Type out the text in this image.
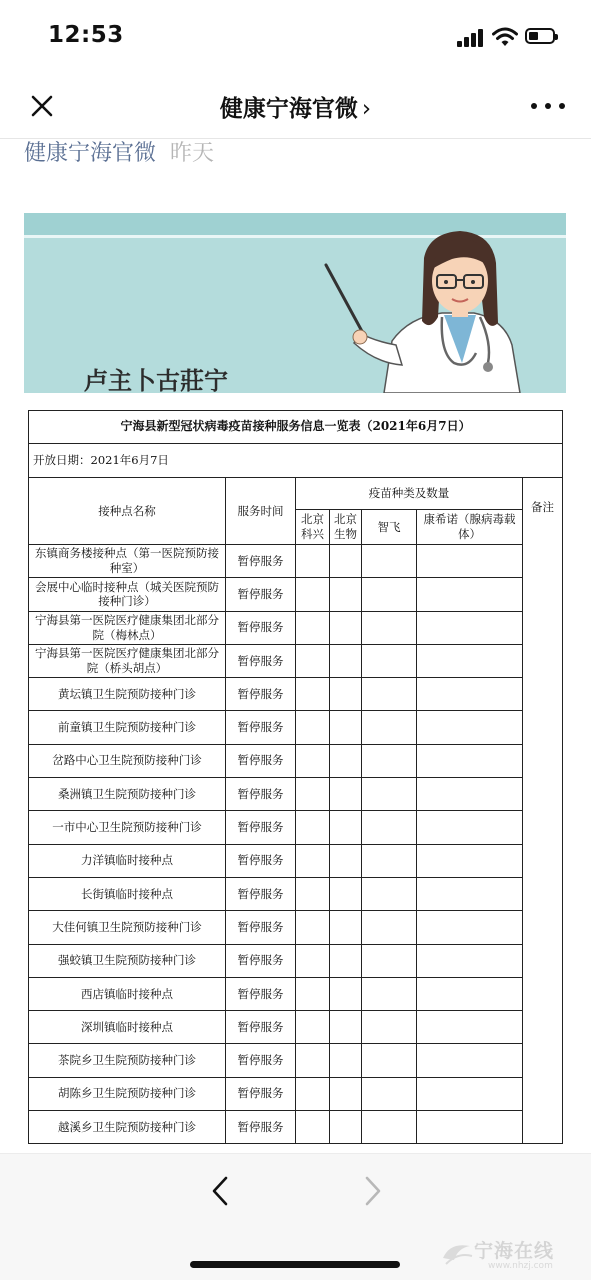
12:53
健康宁海官微 ›
健康宁海官微 昨天
卢主卜古莊宁
宁海县新型冠状病毒疫苗接种服务信息一览表（2021年6月7日）						
开放日期：2021年6月7日						
接种点名称	服务时间	疫苗种类及数量				备注
		北京科兴	北京生物	智飞	康希诺（腺病毒载体）	
东镇商务楼接种点（第一医院预防接种室）	暂停服务					
会展中心临时接种点（城关医院预防接种门诊）	暂停服务					
宁海县第一医院医疗健康集团北部分院（梅林点）	暂停服务					
宁海县第一医院医疗健康集团北部分院（桥头胡点）	暂停服务					
黄坛镇卫生院预防接种门诊	暂停服务					
前童镇卫生院预防接种门诊	暂停服务					
岔路中心卫生院预防接种门诊	暂停服务					
桑洲镇卫生院预防接种门诊	暂停服务					
一市中心卫生院预防接种门诊	暂停服务					
力洋镇临时接种点	暂停服务					
长街镇临时接种点	暂停服务					
大佳何镇卫生院预防接种门诊	暂停服务					
强蛟镇卫生院预防接种门诊	暂停服务					
西店镇临时接种点	暂停服务					
深圳镇临时接种点	暂停服务					
茶院乡卫生院预防接种门诊	暂停服务					
胡陈乡卫生院预防接种门诊	暂停服务					
越溪乡卫生院预防接种门诊	暂停服务					
宁海在线
www.nhzj.com
